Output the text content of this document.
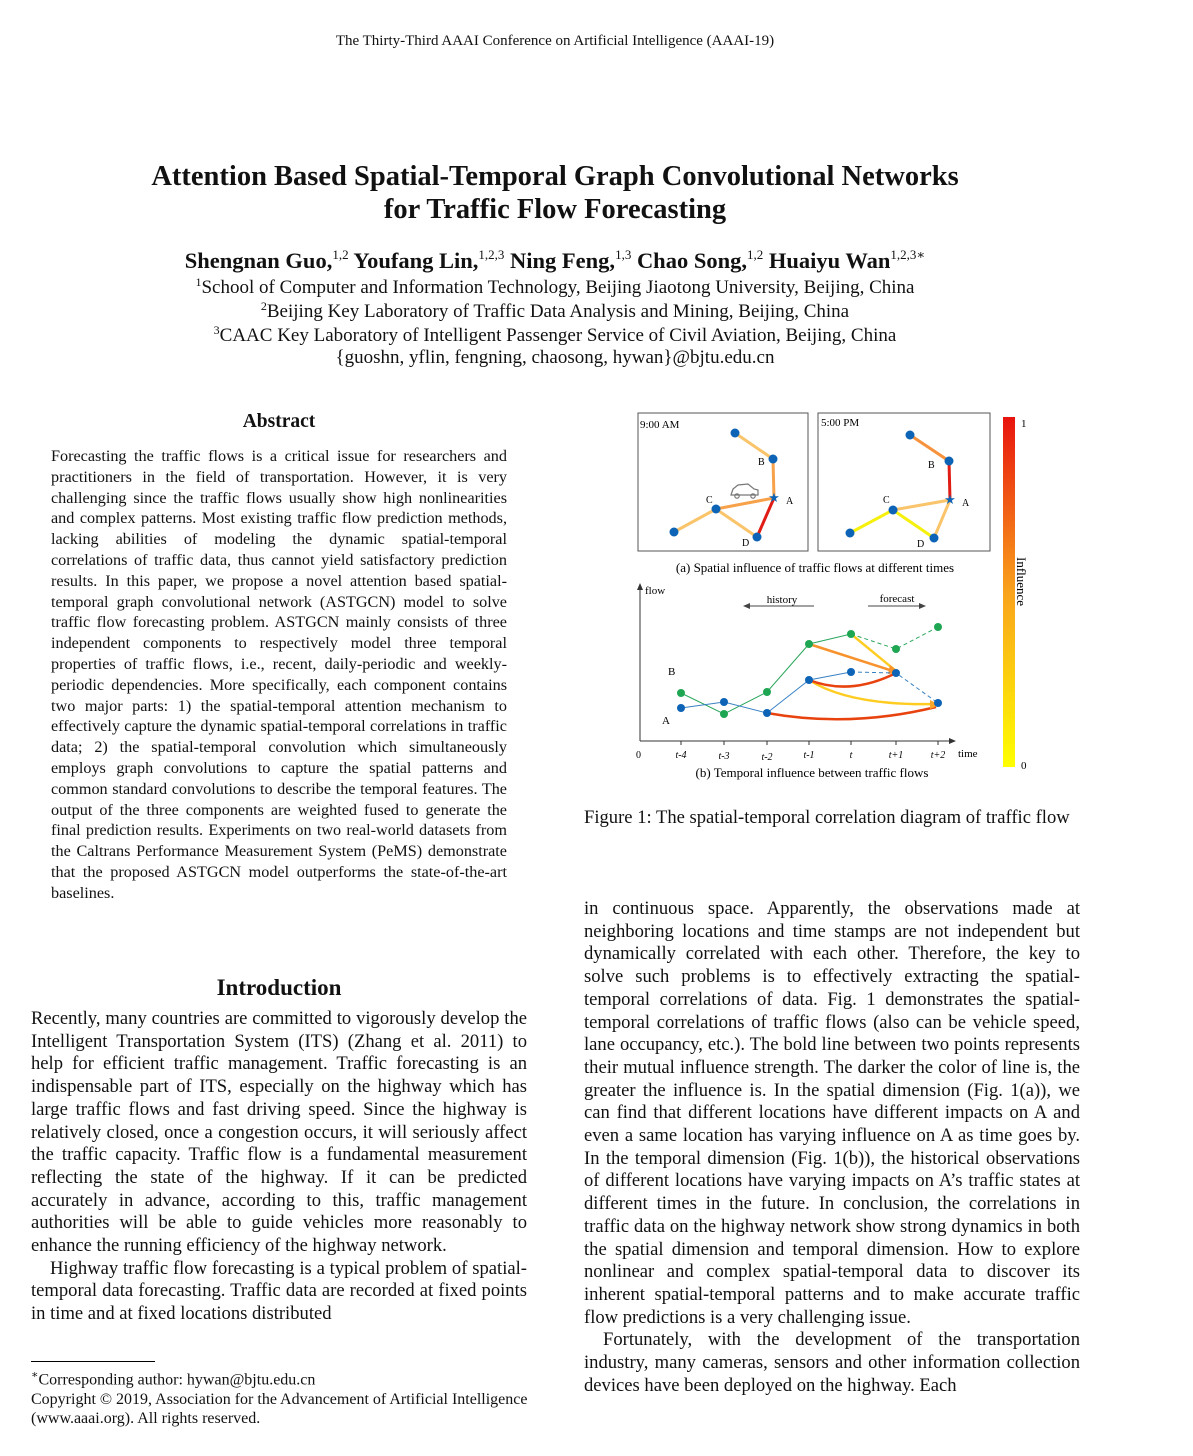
The Thirty-Third AAAI Conference on Artificial Intelligence (AAAI-19)
Attention Based Spatial-Temporal Graph Convolutional Networks
for Traffic Flow Forecasting
Shengnan Guo,$^{1,2}$ Youfang Lin,$^{1,2,3}$ Ning Feng,$^{1,3}$ Chao Song,$^{1,2}$ Huaiyu Wan$^{1,2,3∗}$
$^1$School of Computer and Information Technology, Beijing Jiaotong University, Beijing, China
$^2$Beijing Key Laboratory of Traffic Data Analysis and Mining, Beijing, China
$^3$CAAC Key Laboratory of Intelligent Passenger Service of Civil Aviation, Beijing, China
{guoshn, yflin, fengning, chaosong, hywan}@bjtu.edu.cn
Abstract
Forecasting the traffic flows is a critical issue for researchers and practitioners in the field of transportation. However, it is very challenging since the traffic flows usually show high nonlinearities and complex patterns. Most existing traffic flow prediction methods, lacking abilities of modeling the dynamic spatial-temporal correlations of traffic data, thus cannot yield satisfactory prediction results. In this paper, we propose a novel attention based spatial-temporal graph convolutional network (ASTGCN) model to solve traffic flow forecasting problem. ASTGCN mainly consists of three independent components to respectively model three temporal properties of traffic flows, i.e., recent, daily-periodic and weekly-periodic dependencies. More specifically, each component contains two major parts: 1) the spatial-temporal attention mechanism to effectively capture the dynamic spatial-temporal correlations in traffic data; 2) the spatial-temporal convolution which simultaneously employs graph convolutions to capture the spatial patterns and common standard convolutions to describe the temporal features. The output of the three components are weighted fused to generate the final prediction results. Experiments on two real-world datasets from the Caltrans Performance Measurement System (PeMS) demonstrate that the proposed ASTGCN model outperforms the state-of-the-art baselines.
Introduction

Recently, many countries are committed to vigorously develop the Intelligent Transportation System (ITS) (Zhang et al. 2011) to help for efficient traffic management. Traffic forecasting is an indispensable part of ITS, especially on the highway which has large traffic flows and fast driving speed. Since the highway is relatively closed, once a congestion occurs, it will seriously affect the traffic capacity. Traffic flow is a fundamental measurement reflecting the state of the highway. If it can be predicted accurately in advance, according to this, traffic management authorities will be able to guide vehicles more reasonably to enhance the running efficiency of the highway network.

Highway traffic flow forecasting is a typical problem of spatial-temporal data forecasting. Traffic data are recorded at fixed points in time and at fixed locations distributed

∗Corresponding author: hywan@bjtu.edu.cn
Copyright © 2019, Association for the Advancement of Artificial Intelligence (www.aaai.org). All rights reserved.
9:00 AM	5:00 PM
★
B
A
C
D
★
B
A
C
D
(a) Spatial influence of traffic flows at different times
flow
time
0
history	forecast
t-4	t-3	t-2	t-1	t	t+1	t+2
B
A
(b) Temporal influence between traffic flows
1
0
Influence
Figure 1: The spatial-temporal correlation diagram of traffic flow

in continuous space. Apparently, the observations made at neighboring locations and time stamps are not independent but dynamically correlated with each other. Therefore, the key to solve such problems is to effectively extracting the spatial-temporal correlations of data. Fig. 1 demonstrates the spatial-temporal correlations of traffic flows (also can be vehicle speed, lane occupancy, etc.). The bold line between two points represents their mutual influence strength. The darker the color of line is, the greater the influence is. In the spatial dimension (Fig. 1(a)), we can find that different locations have different impacts on A and even a same location has varying influence on A as time goes by. In the temporal dimension (Fig. 1(b)), the historical observations of different locations have varying impacts on A’s traffic states at different times in the future. In conclusion, the correlations in traffic data on the highway network show strong dynamics in both the spatial dimension and temporal dimension. How to explore nonlinear and complex spatial-temporal data to discover its inherent spatial-temporal patterns and to make accurate traffic flow predictions is a very challenging issue.

Fortunately, with the development of the transportation industry, many cameras, sensors and other information collection devices have been deployed on the highway. Each
